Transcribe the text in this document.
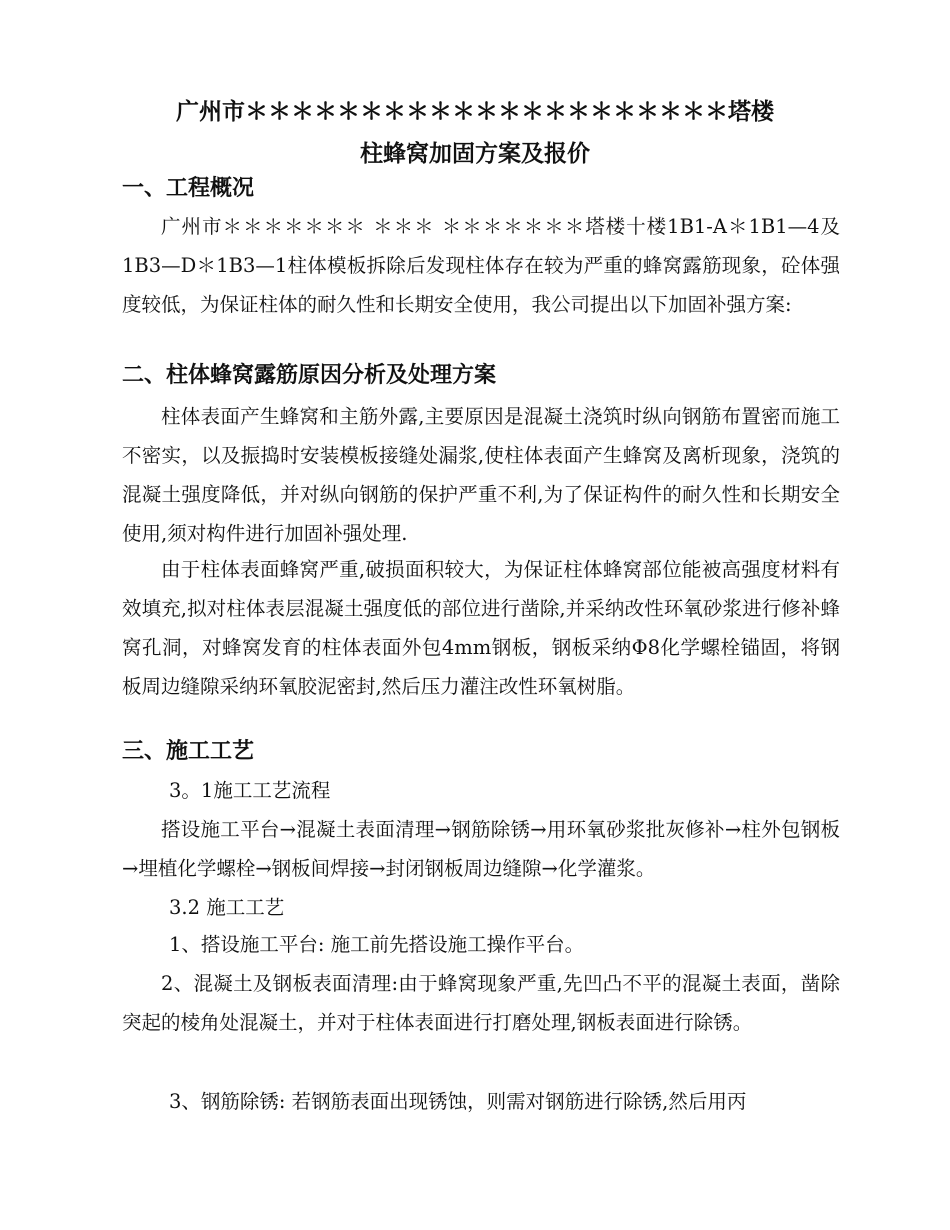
广州市＊＊＊＊＊＊＊＊＊＊＊＊＊＊＊＊＊＊＊＊＊塔楼
柱蜂窝加固方案及报价
一、工程概况

广州市＊＊＊＊＊＊＊ ＊＊＊ ＊＊＊＊＊＊＊塔楼十楼1B1-A＊1B1—4及1B3—D＊1B3—1柱体模板拆除后发现柱体存在较为严重的蜂窝露筋现象，砼体强度较低，为保证柱体的耐久性和长期安全使用，我公司提出以下加固补强方案:

二、柱体蜂窝露筋原因分析及处理方案

柱体表面产生蜂窝和主筋外露,主要原因是混凝土浇筑时纵向钢筋布置密而施工不密实，以及振捣时安装模板接缝处漏浆,使柱体表面产生蜂窝及离析现象，浇筑的混凝土强度降低，并对纵向钢筋的保护严重不利,为了保证构件的耐久性和长期安全使用,须对构件进行加固补强处理.

由于柱体表面蜂窝严重,破损面积较大，为保证柱体蜂窝部位能被高强度材料有效填充,拟对柱体表层混凝土强度低的部位进行凿除,并采纳改性环氧砂浆进行修补蜂窝孔洞，对蜂窝发育的柱体表面外包4mm钢板，钢板采纳Φ8化学螺栓锚固，将钢板周边缝隙采纳环氧胶泥密封,然后压力灌注改性环氧树脂。

三、施工工艺
3。1施工工艺流程

搭设施工平台→混凝土表面清理→钢筋除锈→用环氧砂浆批灰修补→柱外包钢板→埋植化学螺栓→钢板间焊接→封闭钢板周边缝隙→化学灌浆。

3.2 施工工艺
1、搭设施工平台: 施工前先搭设施工操作平台。

2、混凝土及钢板表面清理:由于蜂窝现象严重,先凹凸不平的混凝土表面，凿除突起的棱角处混凝土，并对于柱体表面进行打磨处理,钢板表面进行除锈。

3、钢筋除锈: 若钢筋表面出现锈蚀，则需对钢筋进行除锈,然后用丙
